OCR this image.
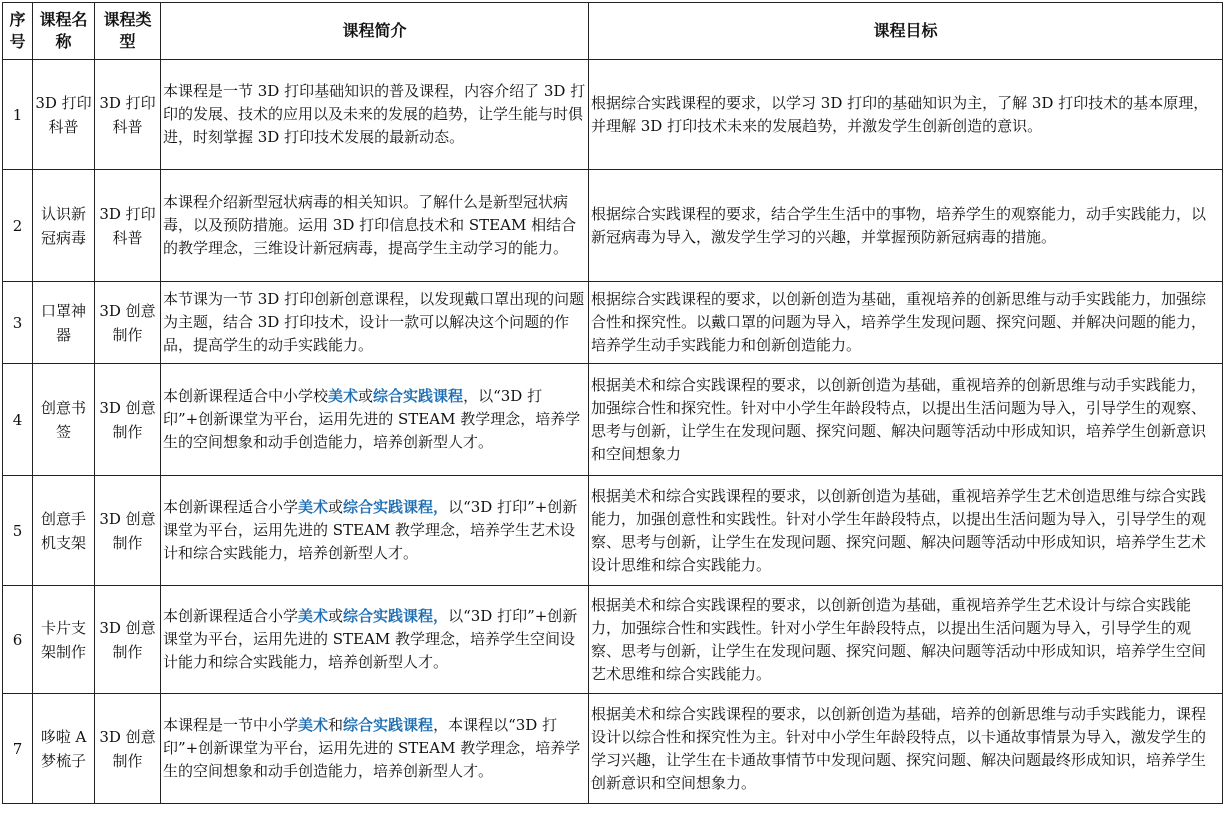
序号	课程名称	课程类型	课程简介	课程目标
1	3D 打印科普	3D 打印科普	本课程是一节 3D 打印基础知识的普及课程，内容介绍了 3D 打印的发展、技术的应用以及未来的发展的趋势，让学生能与时俱进，时刻掌握 3D 打印技术发展的最新动态。	根据综合实践课程的要求，以学习 3D 打印的基础知识为主，了解 3D 打印技术的基本原理，并理解 3D 打印技术未来的发展趋势，并激发学生创新创造的意识。
2	认识新冠病毒	3D 打印科普	本课程介绍新型冠状病毒的相关知识。了解什么是新型冠状病毒，以及预防措施。运用 3D 打印信息技术和 STEAM 相结合的教学理念，三维设计新冠病毒，提高学生主动学习的能力。	根据综合实践课程的要求，结合学生生活中的事物，培养学生的观察能力，动手实践能力，以新冠病毒为导入，激发学生学习的兴趣，并掌握预防新冠病毒的措施。
3	口罩神器	3D 创意制作	本节课为一节 3D 打印创新创意课程，以发现戴口罩出现的问题为主题，结合 3D 打印技术，设计一款可以解决这个问题的作品，提高学生的动手实践能力。	根据综合实践课程的要求，以创新创造为基础，重视培养的创新思维与动手实践能力，加强综合性和探究性。以戴口罩的问题为导入，培养学生发现问题、探究问题、并解决问题的能力，培养学生动手实践能力和创新创造能力。
4	创意书签	3D 创意制作	本创新课程适合中小学校美术或综合实践课程，以“3D 打印”+创新课堂为平台，运用先进的 STEAM 教学理念，培养学生的空间想象和动手创造能力，培养创新型人才。	根据美术和综合实践课程的要求，以创新创造为基础，重视培养的创新思维与动手实践能力，加强综合性和探究性。针对中小学生年龄段特点，以提出生活问题为导入，引导学生的观察、思考与创新，让学生在发现问题、探究问题、解决问题等活动中形成知识，培养学生创新意识和空间想象力
5	创意手机支架	3D 创意制作	本创新课程适合小学美术或综合实践课程，以“3D 打印”+创新课堂为平台，运用先进的 STEAM 教学理念，培养学生艺术设计和综合实践能力，培养创新型人才。	根据美术和综合实践课程的要求，以创新创造为基础，重视培养学生艺术创造思维与综合实践能力，加强创意性和实践性。针对小学生年龄段特点，以提出生活问题为导入，引导学生的观察、思考与创新，让学生在发现问题、探究问题、解决问题等活动中形成知识，培养学生艺术设计思维和综合实践能力。
6	卡片支架制作	3D 创意制作	本创新课程适合小学美术或综合实践课程，以“3D 打印”+创新课堂为平台，运用先进的 STEAM 教学理念，培养学生空间设计能力和综合实践能力，培养创新型人才。	根据美术和综合实践课程的要求，以创新创造为基础，重视培养学生艺术设计与综合实践能力，加强综合性和实践性。针对小学生年龄段特点，以提出生活问题为导入，引导学生的观察、思考与创新，让学生在发现问题、探究问题、解决问题等活动中形成知识，培养学生空间艺术思维和综合实践能力。
7	哆啦 A 梦梳子	3D 创意制作	本课程是一节中小学美术和综合实践课程，本课程以“3D 打印”+创新课堂为平台，运用先进的 STEAM 教学理念，培养学生的空间想象和动手创造能力，培养创新型人才。	根据美术和综合实践课程的要求，以创新创造为基础，培养的创新思维与动手实践能力，课程设计以综合性和探究性为主。针对中小学生年龄段特点，以卡通故事情景为导入，激发学生的学习兴趣，让学生在卡通故事情节中发现问题、探究问题、解决问题最终形成知识，培养学生创新意识和空间想象力。
